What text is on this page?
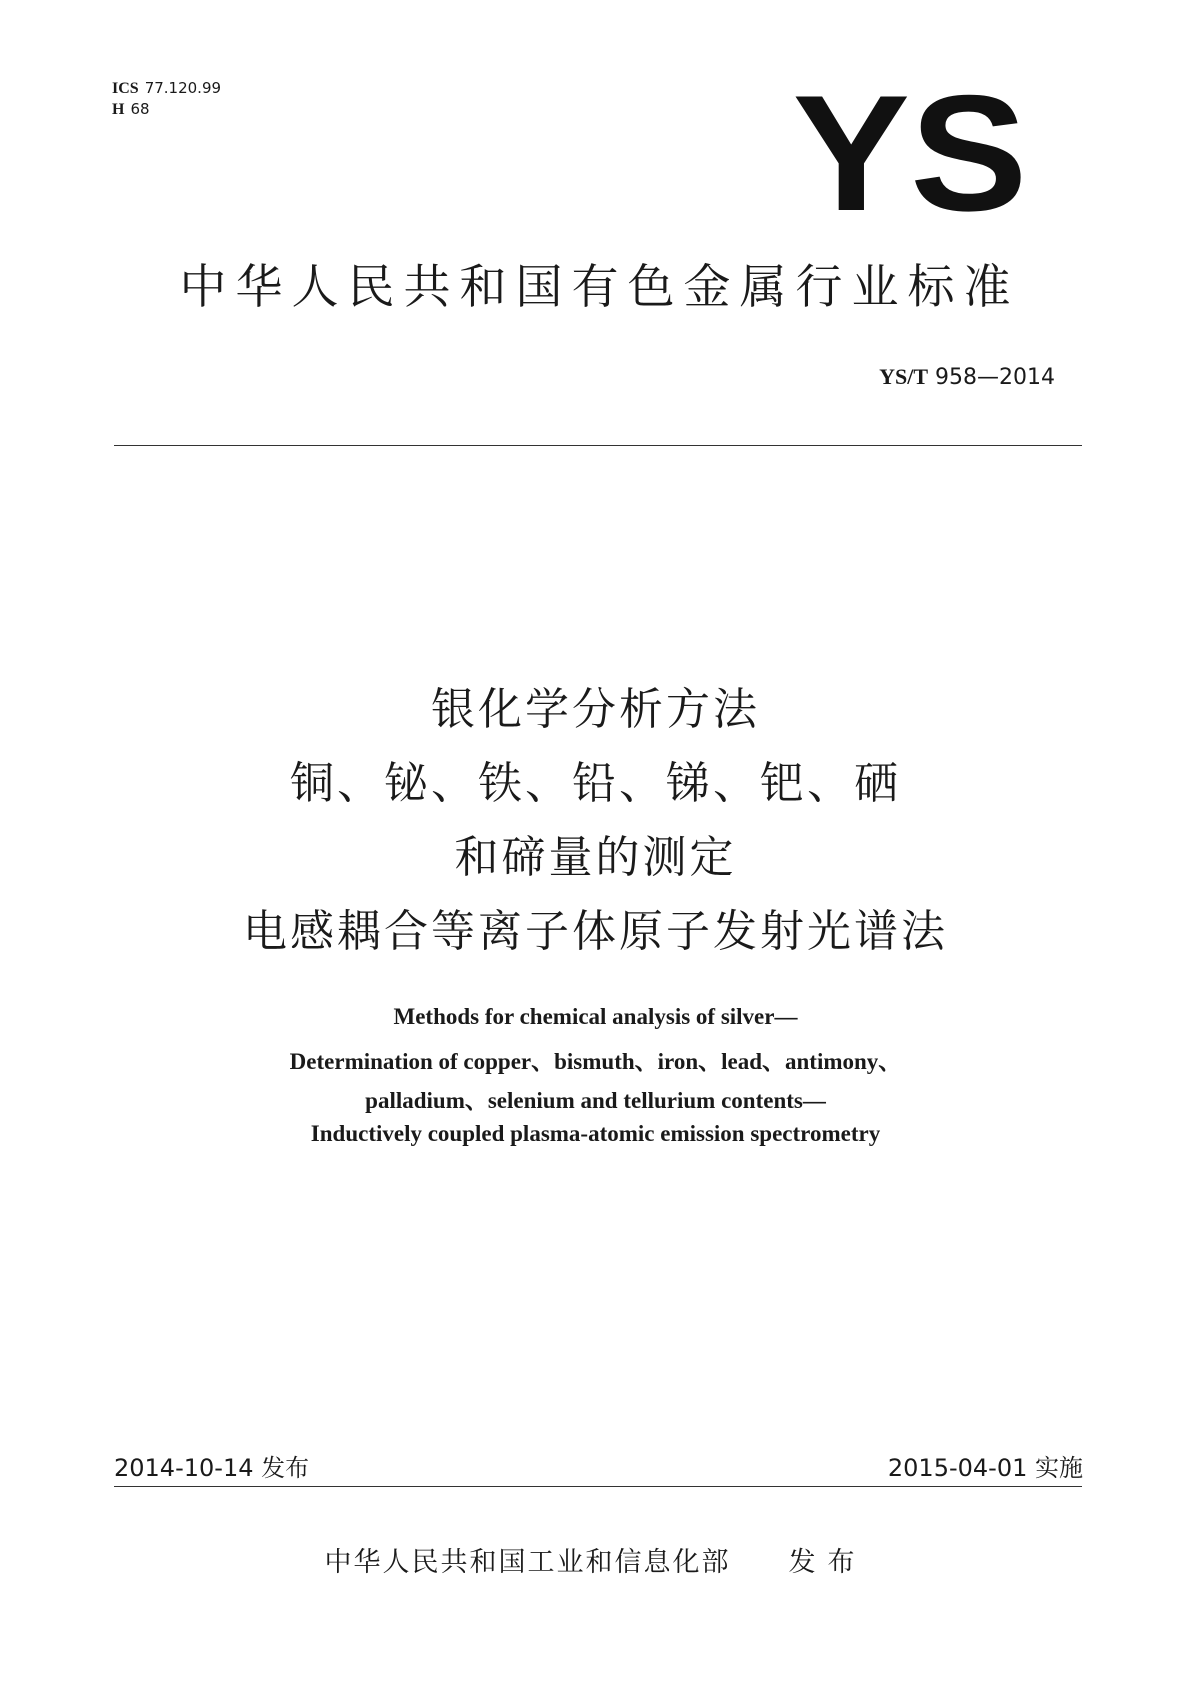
ICS 77.120.99
H 68	YS
中华人民共和国有色金属行业标准
YS/T 958—2014
银化学分析方法
铜、铋、铁、铅、锑、钯、硒
和碲量的测定
电感耦合等离子体原子发射光谱法
Methods for chemical analysis of silver—
Determination of copper、bismuth、iron、lead、antimony、
palladium、selenium and tellurium contents—
Inductively coupled plasma-atomic emission spectrometry
2014-10-14 发布	2015-04-01 实施
中华人民共和国工业和信息化部 发布
